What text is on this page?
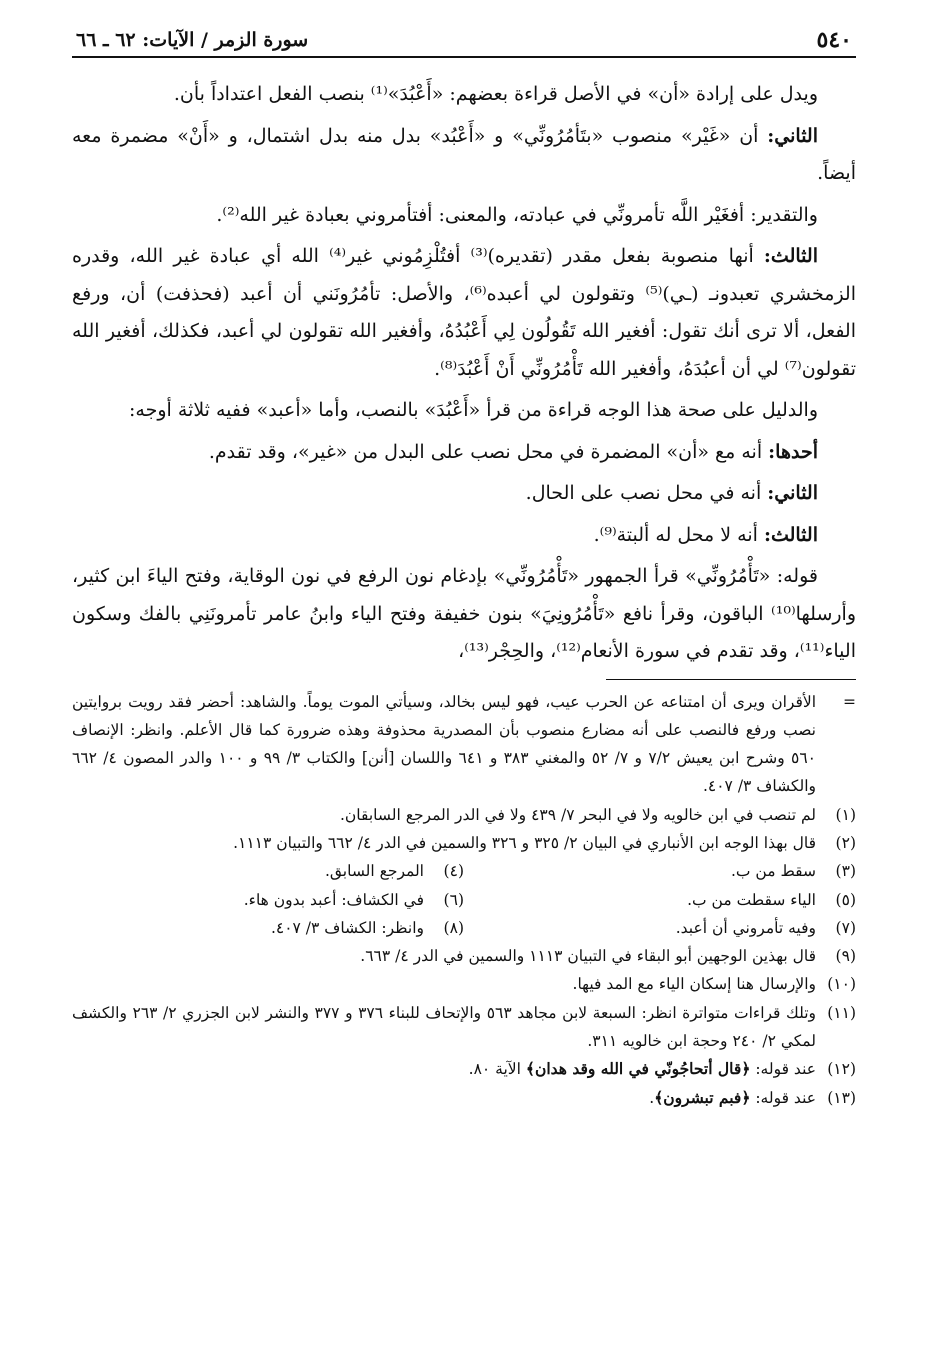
٥٤٠
سورة الزمر / الآيات: ٦٢ ـ ٦٦

ويدل على إرادة «أن» في الأصل قراءة بعضهم: «أَعْبُدَ»⁽¹⁾ بنصب الفعل اعتداداً بأن.

الثاني: أن «غَيْر» منصوب «بتَأمُرُونِّي» و «أَعْبُد» بدل منه بدل اشتمال، و «أَنْ» مضمرة معه أيضاً.

والتقدير: أفغَيْر اللَّه تأمرونِّي في عبادته، والمعنى: أفتأمروني بعبادة غير الله⁽²⁾.

الثالث: أنها منصوبة بفعل مقدر (تقديره)⁽³⁾ أفتُلْزِمُوني غير⁽⁴⁾ الله أي عبادة غير الله، وقدره الزمخشري تعبدونـ (ـي)⁽⁵⁾ وتقولون لي أعبده⁽⁶⁾، والأصل: تأمُرُونَني أن أعبد (فحذفت) أن، ورفع الفعل، ألا ترى أنك تقول: أفغير الله تَقُولُون لِي أَعْبُدُهُ، وأفغير الله تقولون لي أعبد، فكذلك، أفغير الله تقولون⁽⁷⁾ لي أن أعبُدَهُ، وأفغير الله تَأْمُرُونِّي أَنْ أَعْبُدَ⁽⁸⁾.

والدليل على صحة هذا الوجه قراءة من قرأ «أَعْبُدَ» بالنصب، وأما «أعبد» ففيه ثلاثة أوجه:

أحدها: أنه مع «أن» المضمرة في محل نصب على البدل من «غير»، وقد تقدم.

الثاني: أنه في محل نصب على الحال.

الثالث: أنه لا محل له ألبتة⁽⁹⁾.

قوله: «تَأْمُرُونِّي» قرأ الجمهور «تَأْمُرُونِّي» بإدغام نون الرفع في نون الوقاية، وفتح الياءَ ابن كثير، وأرسلها⁽¹⁰⁾ الباقون، وقرأ نافع «تَأْمُرُونِيَ» بنون خفيفة وفتح الياء وابنُ عامر تأمرونَنِي بالفك وسكون الياء⁽¹¹⁾، وقد تقدم في سورة الأنعام⁽¹²⁾، والحِجْر⁽¹³⁾،

=
الأقران ويرى أن امتناعه عن الحرب عيب، فهو ليس بخالد، وسيأتي الموت يوماً. والشاهد: أحضر فقد رويت بروايتين نصب ورفع فالنصب على أنه مضارع منصوب بأن المصدرية محذوفة وهذه ضرورة كما قال الأعلم. وانظر: الإنصاف ٥٦٠ وشرح ابن يعيش ٧/٢ و ٧/ ٥٢ والمغني ٣٨٣ و ٦٤١ واللسان [أنن] والكتاب ٣/ ٩٩ و ١٠٠ والدر المصون ٤/ ٦٦٢ والكشاف ٣/ ٤٠٧.
(١)
لم تنصب في ابن خالويه ولا في البحر ٧/ ٤٣٩ ولا في الدر المرجع السابقان.
(٢)
قال بهذا الوجه ابن الأنباري في البيان ٢/ ٣٢٥ و ٣٢٦ والسمين في الدر ٤/ ٦٦٢ والتبيان ١١١٣.
(٣)
سقط من ب.
(٤)
المرجع السابق.
(٥)
الياء سقطت من ب.
(٦)
في الكشاف: أعبد بدون هاء.
(٧)
وفيه تأمروني أن أعبد.
(٨)
وانظر: الكشاف ٣/ ٤٠٧.
(٩)
قال بهذين الوجهين أبو البقاء في التبيان ١١١٣ والسمين في الدر ٤/ ٦٦٣.
(١٠)
والإرسال هنا إسكان الياء مع المد فيها.
(١١)
وتلك قراءات متواترة انظر: السبعة لابن مجاهد ٥٦٣ والإتحاف للبناء ٣٧٦ و ٣٧٧ والنشر لابن الجزري ٢/ ٢٦٣ والكشف لمكي ٢/ ٢٤٠ وحجة ابن خالويه ٣١١.
(١٢)
عند قوله: ﴿قال أتحاجُونّي في الله وقد هدان﴾ الآية ٨٠.
(١٣)
عند قوله: ﴿فبم تبشرون﴾.
